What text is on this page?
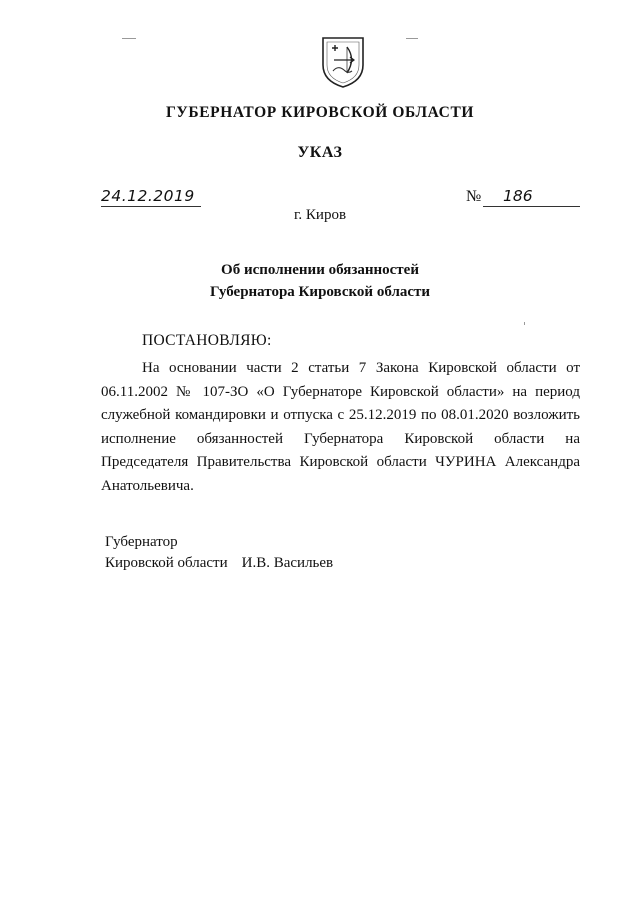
ГУБЕРНАТОР КИРОВСКОЙ ОБЛАСТИ
УКАЗ
24.12.2019	№	186
г. Киров
Об исполнении обязанностей
Губернатора Кировской области
ПОСТАНОВЛЯЮ:
На основании части 2 статьи 7 Закона Кировской области от 06.11.2002 № 107-ЗО «О Губернаторе Кировской области» на период служебной командировки и отпуска с 25.12.2019 по 08.01.2020 возложить исполнение обязанностей Губернатора Кировской области на Председателя Правительства Кировской области ЧУРИНА Александра Анатольевича.
Губернатор
Кировской области И.В. Васильев
